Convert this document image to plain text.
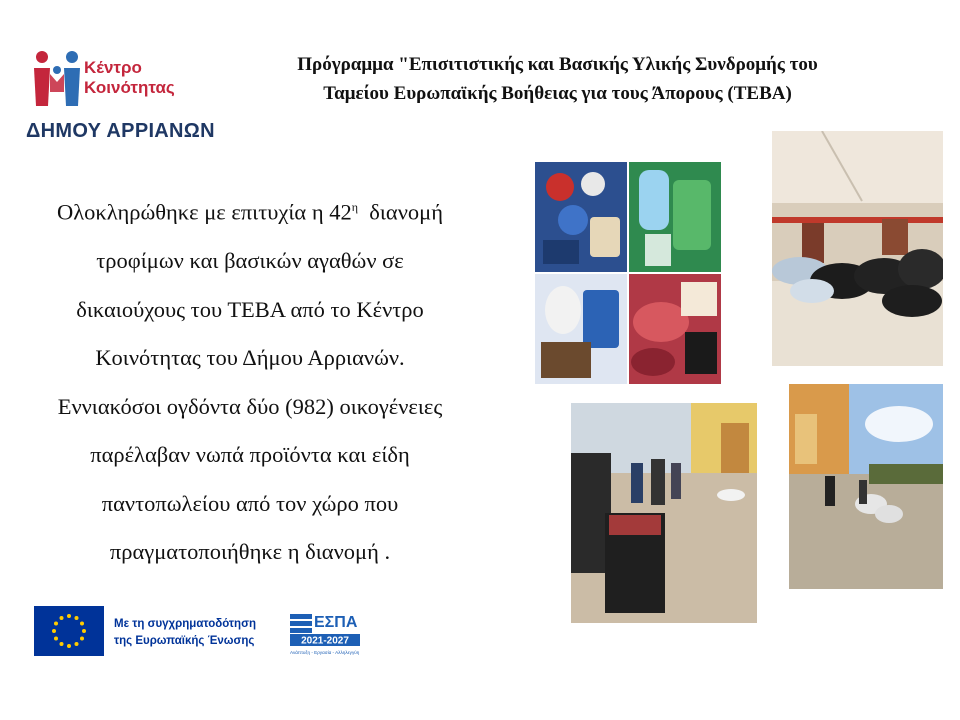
Κέντρο
Κοινότητας
ΔΗΜΟΥ ΑΡΡΙΑΝΩΝ
Πρόγραμμα "Επισιτιστικής και Βασικής Υλικής Συνδρομής του Ταμείου Ευρωπαϊκής Βοήθειας για τους Άπορους (ΤΕΒΑ)
Ολοκληρώθηκε με επιτυχία η $42^\eta$  διανομή
τροφίμων και βασικών αγαθών σε
δικαιούχους του ΤΕΒΑ από το Κέντρο
Κοινότητας του Δήμου Αρριανών.
Εννιακόσοι ογδόντα δύο (982) οικογένειες
παρέλαβαν νωπά προϊόντα και είδη
παντοπωλείου από τον χώρο που
πραγματοποιήθηκε η διανομή .
Με τη συγχρηματοδότηση
της Ευρωπαϊκής Ένωσης
ΕΣΠΑ
2021-2027
Ανάπτυξη - Εργασία - Αλληλεγγύη
